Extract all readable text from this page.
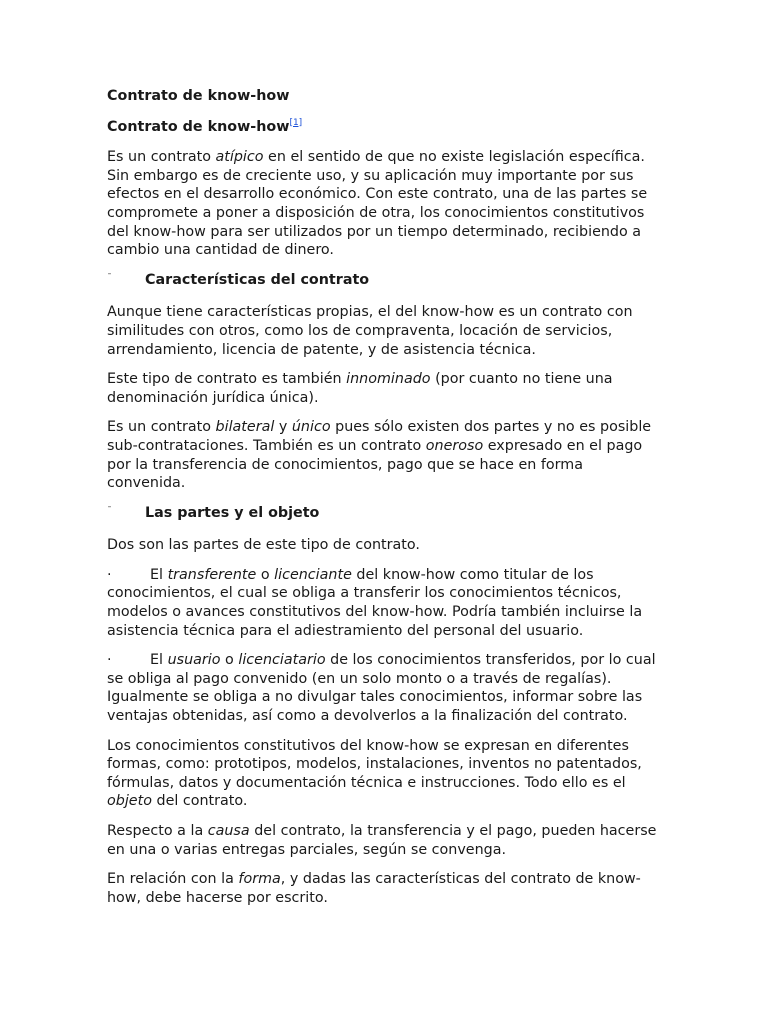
Contrato de know-how

Contrato de know-how[1]

Es un contrato atípico en el sentido de que no existe legislación específica. Sin embargo es de creciente uso, y su aplicación muy importante por sus efectos en el desarrollo económico. Con este contrato, una de las partes se compromete a poner a disposición de otra, los conocimientos constitutivos del know-how para ser utilizados por un tiempo determinado, recibiendo a cambio una cantidad de dinero.

¯	Características del contrato

Aunque tiene características propias, el del know-how es un contrato con similitudes con otros, como los de compraventa, locación de servicios, arrendamiento, licencia de patente, y de asistencia técnica.

Este tipo de contrato es también innominado (por cuanto no tiene una denominación jurídica única).

Es un contrato bilateral y único pues sólo existen dos partes y no es posible sub-contrataciones. También es un contrato oneroso expresado en el pago por la transferencia de conocimientos, pago que se hace en forma convenida.

¯	Las partes y el objeto

Dos son las partes de este tipo de contrato.

·	El transferente o licenciante del know-how como titular de los conocimientos, el cual se obliga a transferir los conocimientos técnicos, modelos o avances constitutivos del know-how. Podría también incluirse la asistencia técnica para el adiestramiento del personal del usuario.

·	El usuario o licenciatario de los conocimientos transferidos, por lo cual se obliga al pago convenido (en un solo monto o a través de regalías). Igualmente se obliga a no divulgar tales conocimientos, informar sobre las ventajas obtenidas, así como a devolverlos a la finalización del contrato.

Los conocimientos constitutivos del know-how se expresan en diferentes formas, como: prototipos, modelos, instalaciones, inventos no patentados, fórmulas, datos y documentación técnica e instrucciones. Todo ello es el objeto del contrato.

Respecto a la causa del contrato, la transferencia y el pago, pueden hacerse en una o varias entregas parciales, según se convenga.

En relación con la forma, y dadas las características del contrato de know-how, debe hacerse por escrito.
